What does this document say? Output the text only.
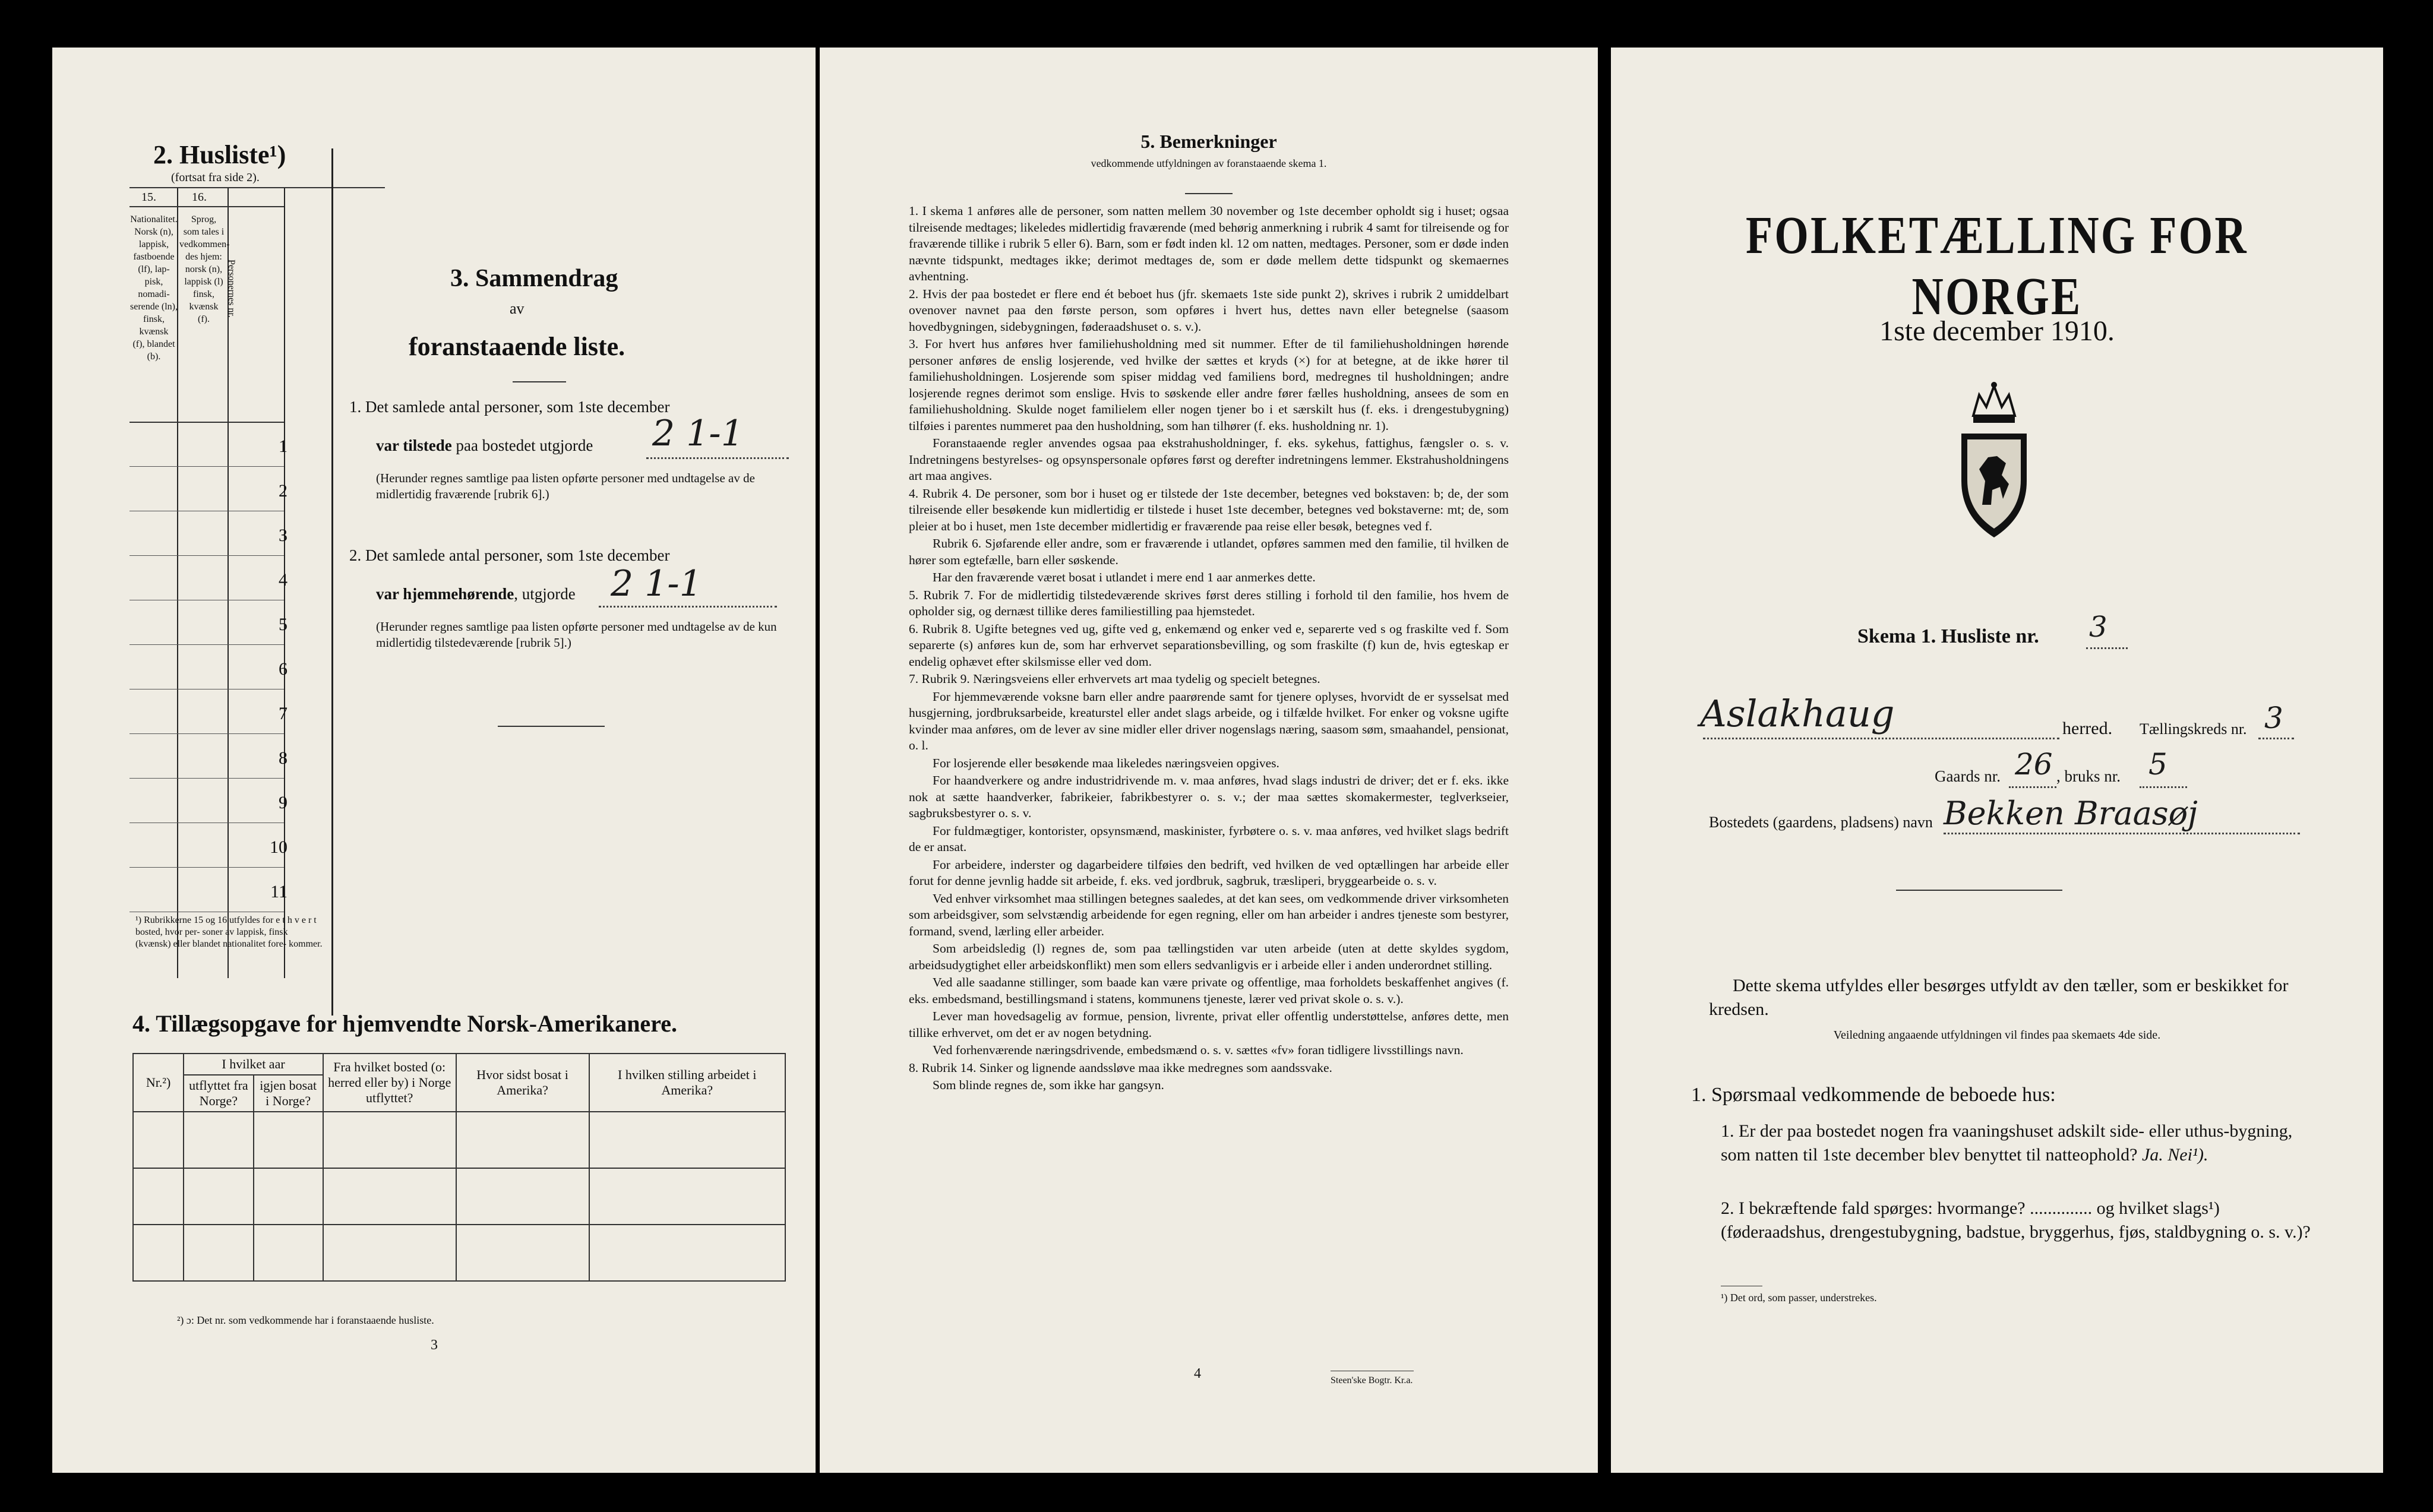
2. Husliste¹)
(fortsat fra side 2).
15.	16.
Nationalitet.
Norsk (n),
lappisk,
fastboende
(lf), lap-
pisk, nomadi-
serende (ln),
finsk, kvænsk
(f), blandet
(b).
Sprog,
som tales i
vedkommen-
des hjem:
norsk (n),
lappisk (l)
finsk, kvænsk
(f).
Personernes nr.
1
2
3
4
5
6
7
8
9
10
11
¹) Rubrikkerne 15 og 16 utfyldes for e t h v e r t bosted, hvor per- soner av lappisk, finsk (kvænsk) eller blandet nationalitet fore- kommer.
3. Sammendrag
av
foranstaaende liste.
1. Det samlede antal personer, som 1ste december
var tilstede paa bostedet utgjorde 2 1-1
(Herunder regnes samtlige paa listen opførte personer med undtagelse av de midlertidig fraværende [rubrik 6].)
2. Det samlede antal personer, som 1ste december
var hjemmehørende, utgjorde 2 1-1
(Herunder regnes samtlige paa listen opførte personer med undtagelse av de kun midlertidig tilstedeværende [rubrik 5].)
4. Tillægsopgave for hjemvendte Norsk-Amerikanere.
Nr.²)	I hvilket aar		Fra hvilket bosted (o: herred eller by) i Norge utflyttet?	Hvor sidst bosat i Amerika?	I hvilken stilling arbeidet i Amerika?
	utflyttet fra Norge?	igjen bosat i Norge?			

²) ɔ: Det nr. som vedkommende har i foranstaaende husliste.
3
5. Bemerkninger
vedkommende utfyldningen av foranstaaende skema 1.

1. I skema 1 anføres alle de personer, som natten mellem 30 november og 1ste december opholdt sig i huset; ogsaa tilreisende medtages; likeledes midlertidig fraværende (med behørig anmerkning i rubrik 4 samt for tilreisende og for fraværende tillike i rubrik 5 eller 6). Barn, som er født inden kl. 12 om natten, medtages. Personer, som er døde inden nævnte tidspunkt, medtages ikke; derimot medtages de, som er døde mellem dette tidspunkt og skemaernes avhentning.

2. Hvis der paa bostedet er flere end ét beboet hus (jfr. skemaets 1ste side punkt 2), skrives i rubrik 2 umiddelbart ovenover navnet paa den første person, som opføres i hvert hus, dettes navn eller betegnelse (saasom hovedbygningen, sidebygningen, føderaadshuset o. s. v.).

3. For hvert hus anføres hver familiehusholdning med sit nummer. Efter de til familiehusholdningen hørende personer anføres de enslig losjerende, ved hvilke der sættes et kryds (×) for at betegne, at de ikke hører til familiehusholdningen. Losjerende som spiser middag ved familiens bord, medregnes til husholdningen; andre losjerende regnes derimot som enslige. Hvis to søskende eller andre fører fælles husholdning, ansees de som en familiehusholdning. Skulde noget familielem eller nogen tjener bo i et særskilt hus (f. eks. i drengestubygning) tilføies i parentes nummeret paa den husholdning, som han tilhører (f. eks. husholdning nr. 1).

Foranstaaende regler anvendes ogsaa paa ekstrahusholdninger, f. eks. sykehus, fattighus, fængsler o. s. v. Indretningens bestyrelses- og opsynspersonale opføres først og derefter indretningens lemmer. Ekstrahusholdningens art maa angives.

4. Rubrik 4. De personer, som bor i huset og er tilstede der 1ste december, betegnes ved bokstaven: b; de, der som tilreisende eller besøkende kun midlertidig er tilstede i huset 1ste december, betegnes ved bokstaverne: mt; de, som pleier at bo i huset, men 1ste december midlertidig er fraværende paa reise eller besøk, betegnes ved f.

Rubrik 6. Sjøfarende eller andre, som er fraværende i utlandet, opføres sammen med den familie, til hvilken de hører som egtefælle, barn eller søskende.

Har den fraværende været bosat i utlandet i mere end 1 aar anmerkes dette.

5. Rubrik 7. For de midlertidig tilstedeværende skrives først deres stilling i forhold til den familie, hos hvem de opholder sig, og dernæst tillike deres familiestilling paa hjemstedet.

6. Rubrik 8. Ugifte betegnes ved ug, gifte ved g, enkemænd og enker ved e, separerte ved s og fraskilte ved f. Som separerte (s) anføres kun de, som har erhvervet separationsbevilling, og som fraskilte (f) kun de, hvis egteskap er endelig ophævet efter skilsmisse eller ved dom.

7. Rubrik 9. Næringsveiens eller erhvervets art maa tydelig og specielt betegnes.

For hjemmeværende voksne barn eller andre paarørende samt for tjenere oplyses, hvorvidt de er sysselsat med husgjerning, jordbruksarbeide, kreaturstel eller andet slags arbeide, og i tilfælde hvilket. For enker og voksne ugifte kvinder maa anføres, om de lever av sine midler eller driver nogenslags næring, saasom søm, smaahandel, pensionat, o. l.

For losjerende eller besøkende maa likeledes næringsveien opgives.

For haandverkere og andre industridrivende m. v. maa anføres, hvad slags industri de driver; det er f. eks. ikke nok at sætte haandverker, fabrikeier, fabrikbestyrer o. s. v.; der maa sættes skomakermester, teglverkseier, sagbruksbestyrer o. s. v.

For fuldmægtiger, kontorister, opsynsmænd, maskinister, fyrbøtere o. s. v. maa anføres, ved hvilket slags bedrift de er ansat.

For arbeidere, inderster og dagarbeidere tilføies den bedrift, ved hvilken de ved optællingen har arbeide eller forut for denne jevnlig hadde sit arbeide, f. eks. ved jordbruk, sagbruk, træsliperi, bryggearbeide o. s. v.

Ved enhver virksomhet maa stillingen betegnes saaledes, at det kan sees, om vedkommende driver virksomheten som arbeidsgiver, som selvstændig arbeidende for egen regning, eller om han arbeider i andres tjeneste som bestyrer, formand, svend, lærling eller arbeider.

Som arbeidsledig (l) regnes de, som paa tællingstiden var uten arbeide (uten at dette skyldes sygdom, arbeidsudygtighet eller arbeidskonflikt) men som ellers sedvanligvis er i arbeide eller i anden underordnet stilling.

Ved alle saadanne stillinger, som baade kan være private og offentlige, maa forholdets beskaffenhet angives (f. eks. embedsmand, bestillingsmand i statens, kommunens tjeneste, lærer ved privat skole o. s. v.).

Lever man hovedsagelig av formue, pension, livrente, privat eller offentlig understøttelse, anføres dette, men tillike erhvervet, om det er av nogen betydning.

Ved forhenværende næringsdrivende, embedsmænd o. s. v. sættes «fv» foran tidligere livsstillings navn.

8. Rubrik 14. Sinker og lignende aandssløve maa ikke medregnes som aandssvake.

Som blinde regnes de, som ikke har gangsyn.

4	Steen'ske Bogtr. Kr.a.
FOLKETÆLLING FOR NORGE
1ste december 1910.
Skema 1. Husliste nr. 3
Aslakhaug	herred. Tællingskreds nr. 3
Gaards nr. 26 , bruks nr. 5
Bostedets (gaardens, pladsens) navn Bekken Braasøj
Dette skema utfyldes eller besørges utfyldt av den tæller, som er beskikket for kredsen.
Veiledning angaaende utfyldningen vil findes paa skemaets 4de side.
1. Spørsmaal vedkommende de beboede hus:
1. Er der paa bostedet nogen fra vaaningshuset adskilt side- eller uthus-bygning, som natten til 1ste december blev benyttet til natteophold? Ja. Nei¹).
2. I bekræftende fald spørges: hvormange? .............. og hvilket slags¹) (føderaadshus, drengestubygning, badstue, bryggerhus, fjøs, staldbygning o. s. v.)?
¹) Det ord, som passer, understrekes.
